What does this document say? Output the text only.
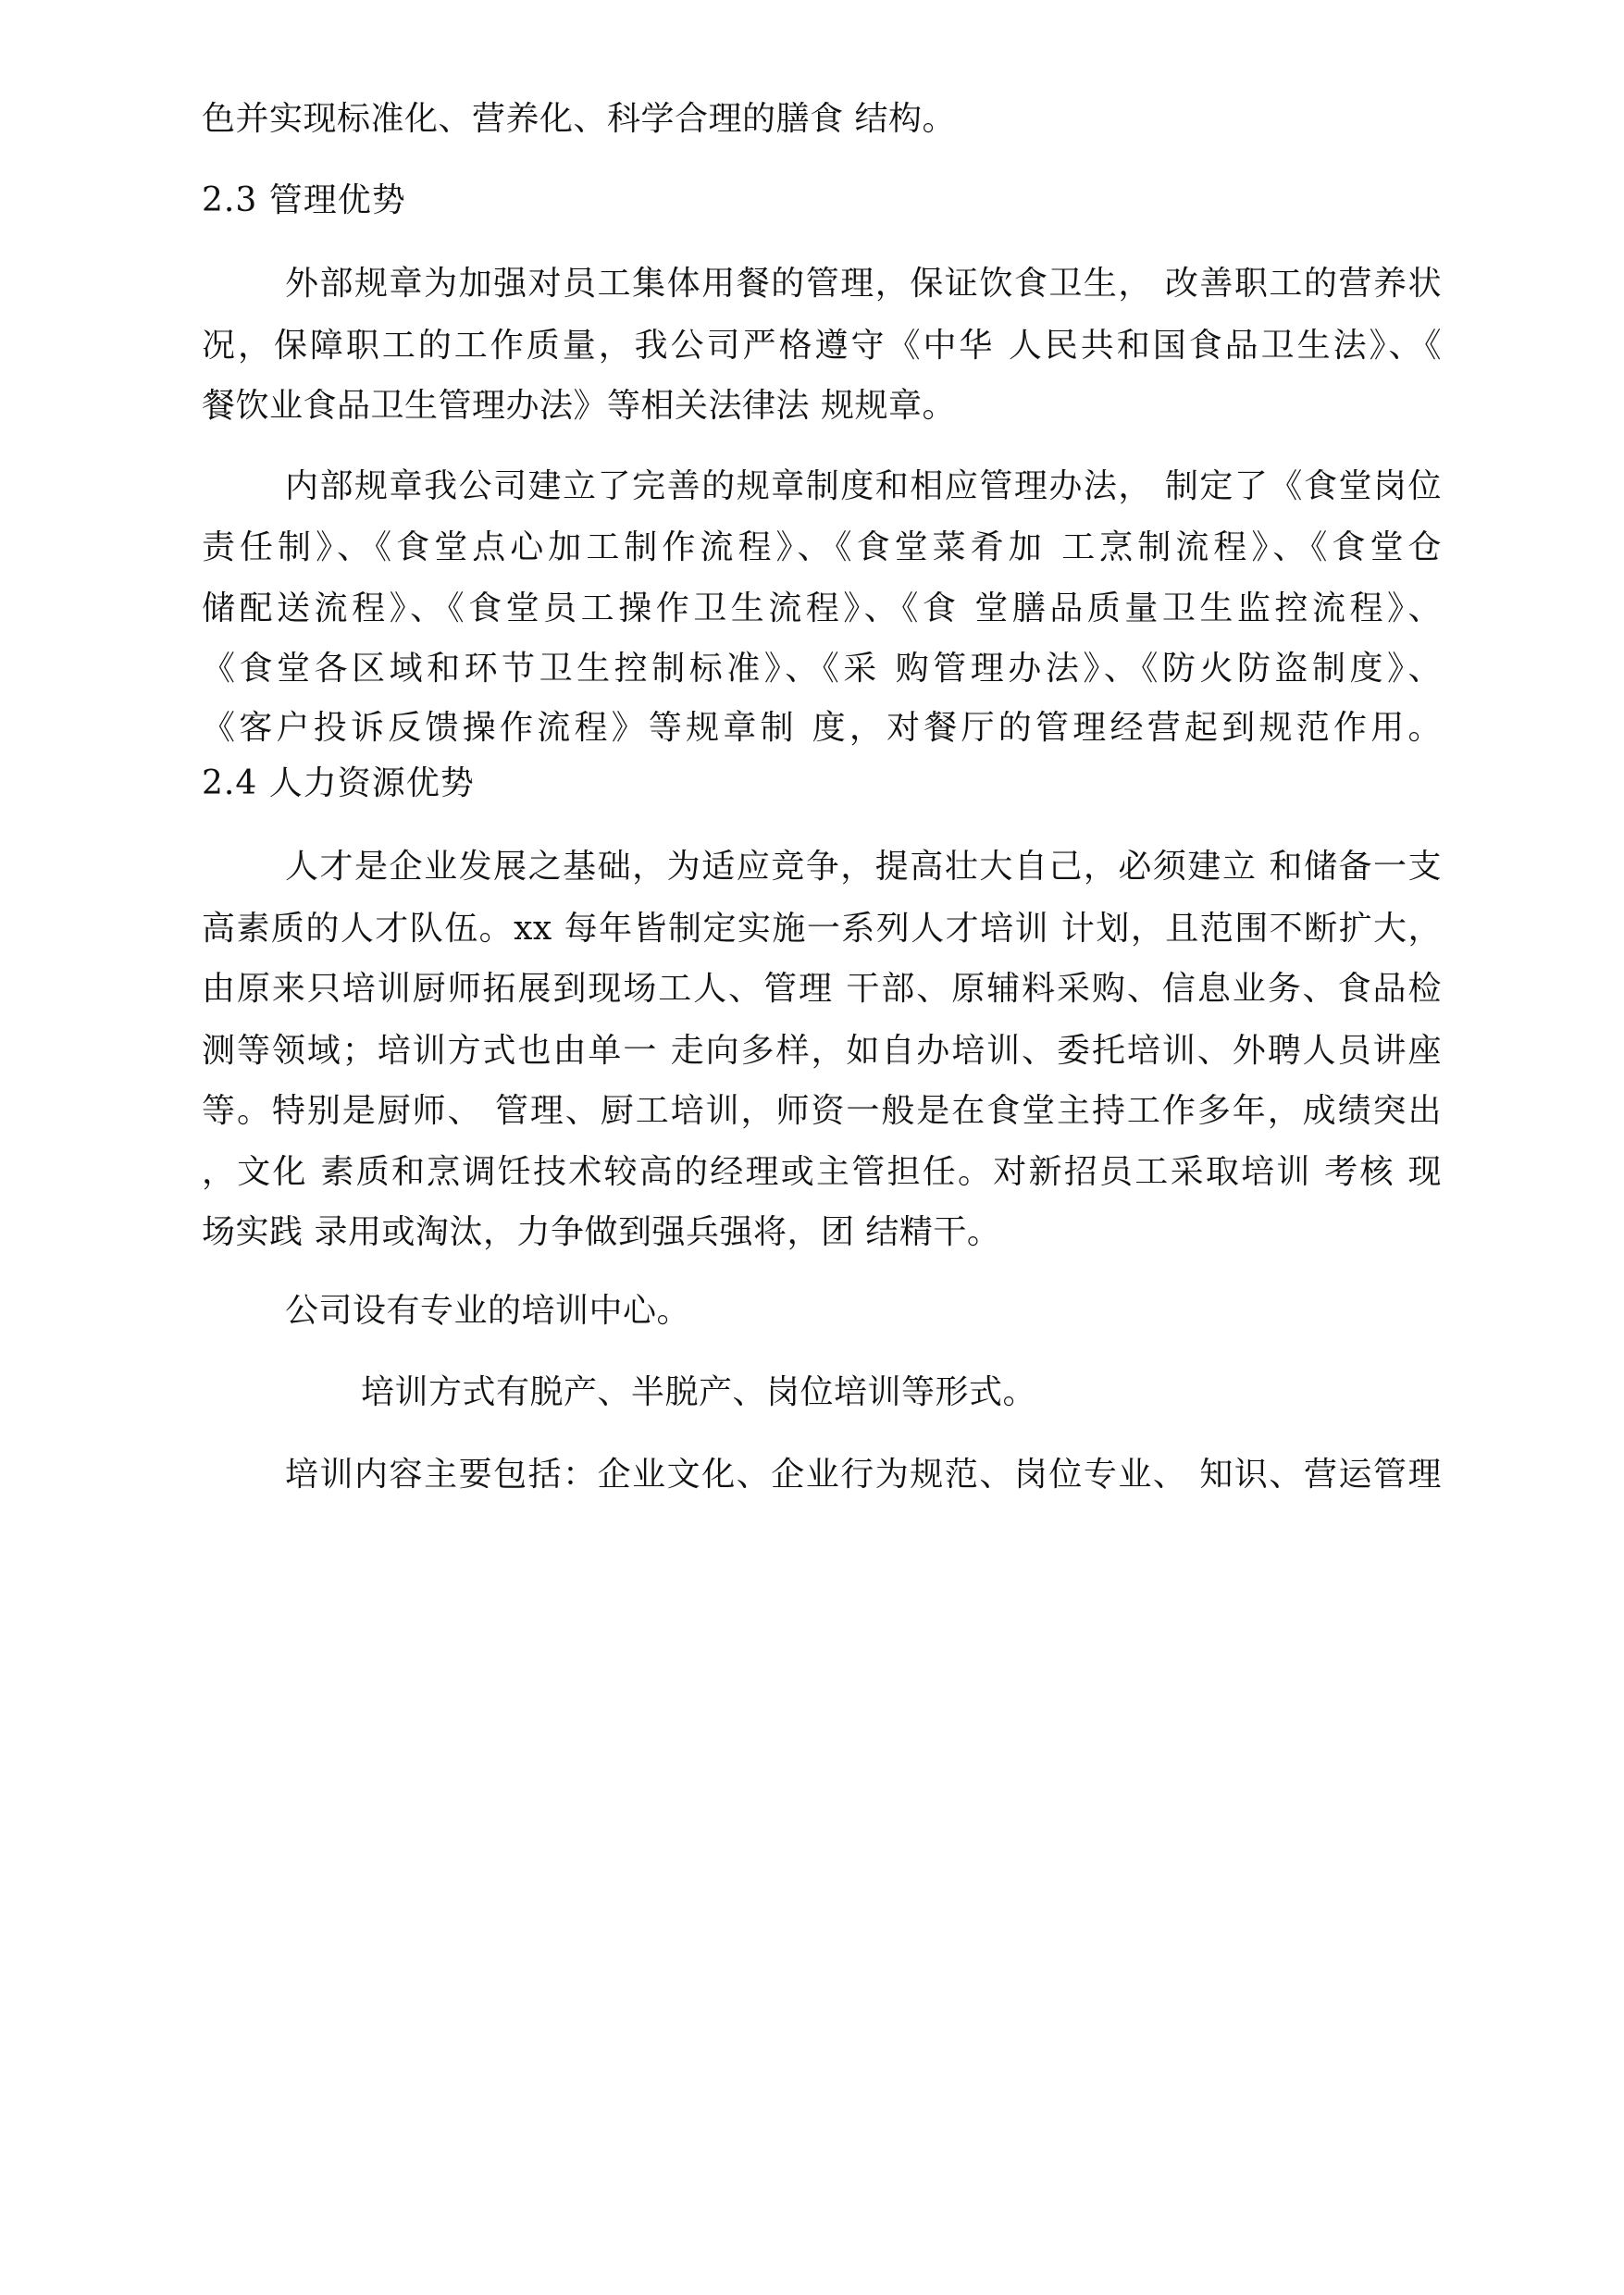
色并实现标准化、营养化、科学合理的膳食 结构。
2.3 管理优势
外部规章为加强对员工集体用餐的管理，保证饮食卫生， 改善职工的营养状
况，保障职工的工作质量，我公司严格遵守《中华 人民共和国食品卫生法》、《
餐饮业食品卫生管理办法》等相关法律法 规规章。
内部规章我公司建立了完善的规章制度和相应管理办法， 制定了《食堂岗位
责任制》、《食堂点心加工制作流程》、《食堂菜肴加 工烹制流程》、《食堂仓
储配送流程》、《食堂员工操作卫生流程》、《食 堂膳品质量卫生监控流程》、
《食堂各区域和环节卫生控制标准》、《采 购管理办法》、《防火防盗制度》、
《客户投诉反馈操作流程》等规章制 度，对餐厅的管理经营起到规范作用。
2.4 人力资源优势
人才是企业发展之基础，为适应竞争，提高壮大自己，必须建立 和储备一支
高素质的人才队伍。xx 每年皆制定实施一系列人才培训 计划，且范围不断扩大，
由原来只培训厨师拓展到现场工人、管理 干部、原辅料采购、信息业务、食品检
测等领域；培训方式也由单一 走向多样，如自办培训、委托培训、外聘人员讲座
等。特别是厨师、 管理、厨工培训，师资一般是在食堂主持工作多年，成绩突出
，文化 素质和烹调饪技术较高的经理或主管担任。对新招员工采取培训 考核 现
场实践 录用或淘汰，力争做到强兵强将，团 结精干。
公司设有专业的培训中心。
培训方式有脱产、半脱产、岗位培训等形式。
培训内容主要包括：企业文化、企业行为规范、岗位专业、 知识、营运管理
